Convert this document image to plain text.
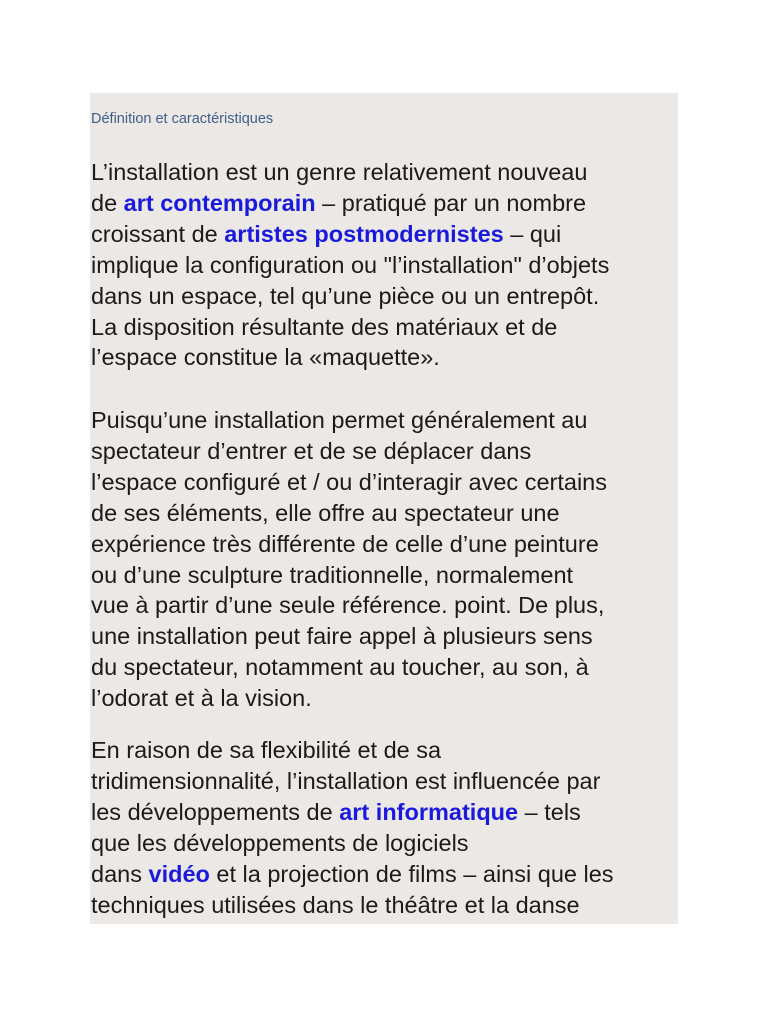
Définition et caractéristiques

L’installation est un genre relativement nouveau
de art contemporain – pratiqué par un nombre
croissant de artistes postmodernistes – qui
implique la configuration ou "l’installation" d’objets
dans un espace, tel qu’une pièce ou un entrepôt.
La disposition résultante des matériaux et de
l’espace constitue la «maquette».

Puisqu’une installation permet généralement au
spectateur d’entrer et de se déplacer dans
l’espace configuré et / ou d’interagir avec certains
de ses éléments, elle offre au spectateur une
expérience très différente de celle d’une peinture
ou d’une sculpture traditionnelle, normalement
vue à partir d’une seule référence. point. De plus,
une installation peut faire appel à plusieurs sens
du spectateur, notamment au toucher, au son, à
l’odorat et à la vision.

En raison de sa flexibilité et de sa
tridimensionnalité, l’installation est influencée par
les développements de art informatique – tels
que les développements de logiciels
dans vidéo et la projection de films – ainsi que les
techniques utilisées dans le théâtre et la danse
